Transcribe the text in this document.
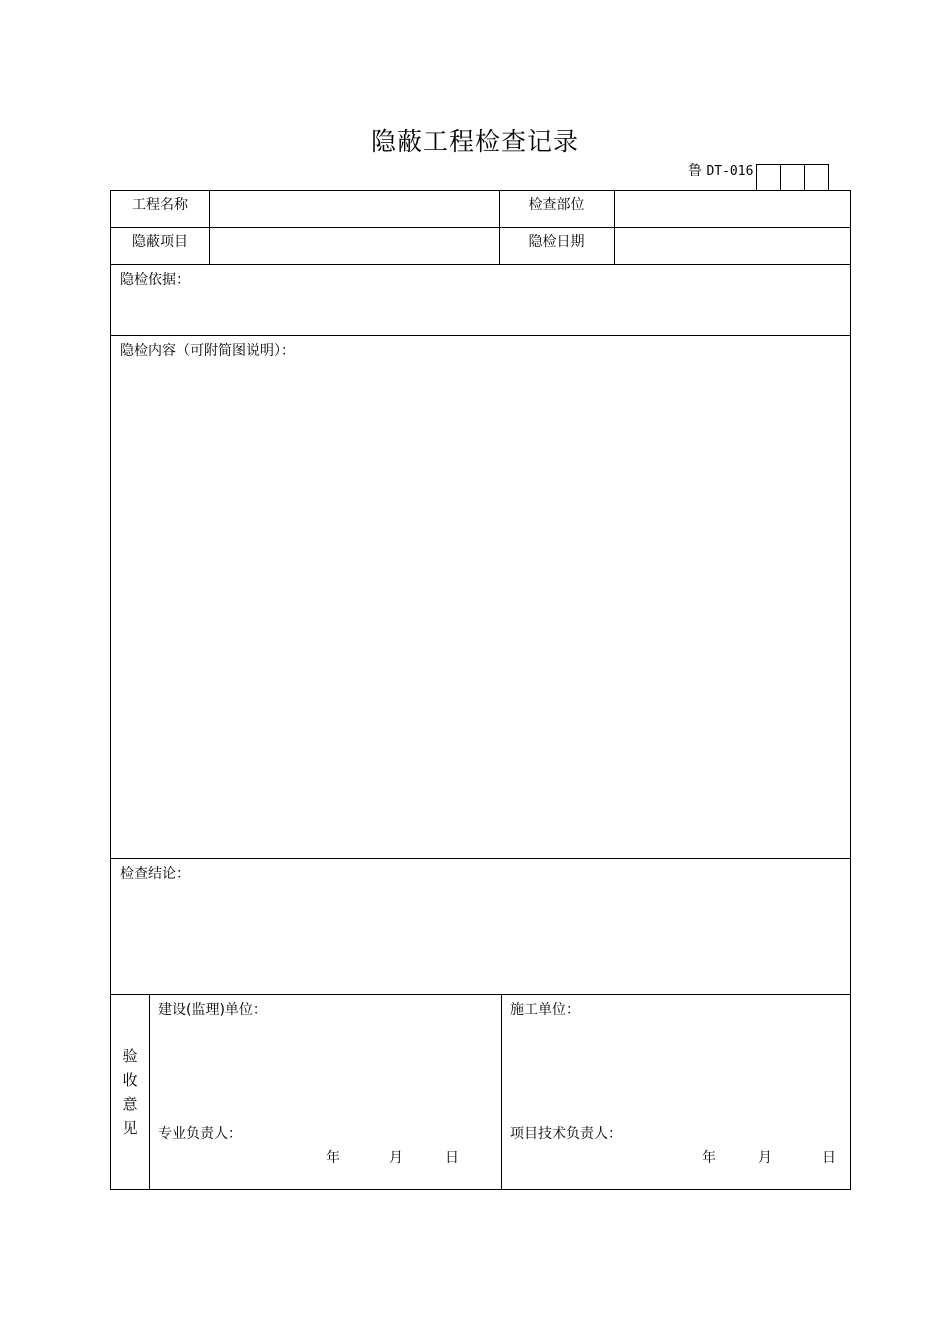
隐蔽工程检查记录
鲁 DT-016
工程名称	检查部位
隐蔽项目	隐检日期
隐检依据：
隐检内容（可附简图说明）：
检查结论：
验
收
意
见
建设(监理)单位：
专业负责人：
年	月	日
施工单位：
项目技术负责人：
年	月	日
